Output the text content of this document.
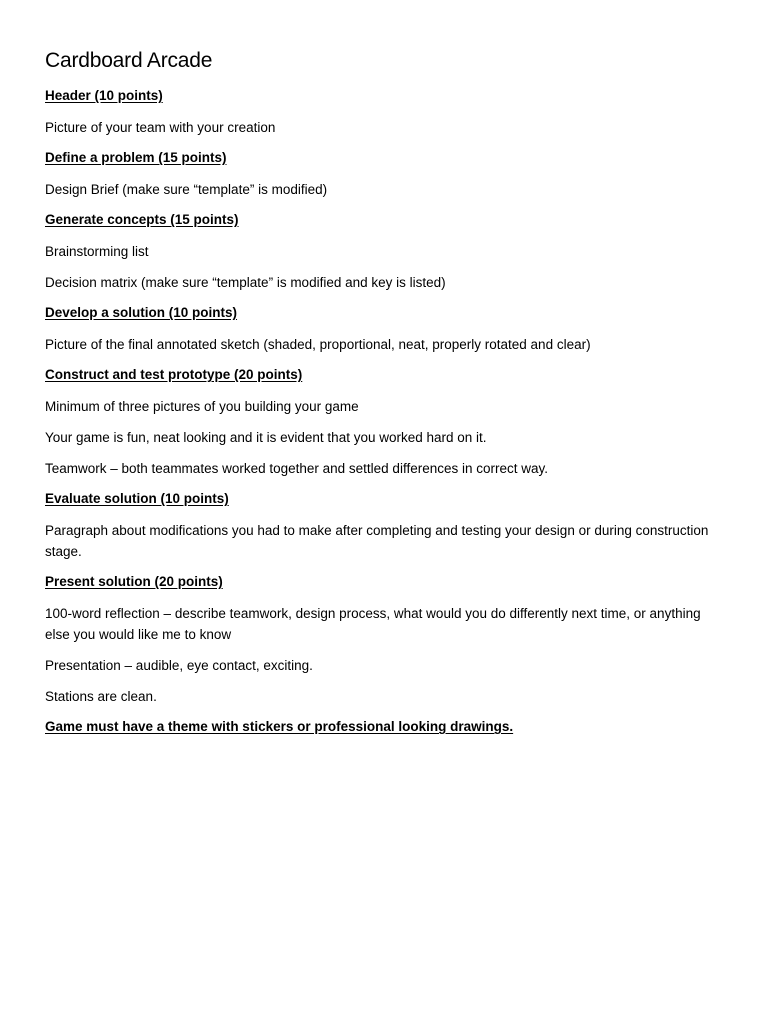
Cardboard Arcade
Header (10 points)
Picture of your team with your creation
Define a problem (15 points)
Design Brief (make sure “template” is modified)
Generate concepts (15 points)
Brainstorming list
Decision matrix (make sure “template” is modified and key is listed)
Develop a solution (10 points)
Picture of the final annotated sketch (shaded, proportional, neat, properly rotated and clear)
Construct and test prototype (20 points)
Minimum of three pictures of you building your game
Your game is fun, neat looking and it is evident that you worked hard on it.
Teamwork – both teammates worked together and settled differences in correct way.
Evaluate solution (10 points)
Paragraph about modifications you had to make after completing and testing your design or during construction stage.
Present solution (20 points)
100-word reflection – describe teamwork, design process, what would you do differently next time, or anything else you would like me to know
Presentation – audible, eye contact, exciting.
Stations are clean.
Game must have a theme with stickers or professional looking drawings.
